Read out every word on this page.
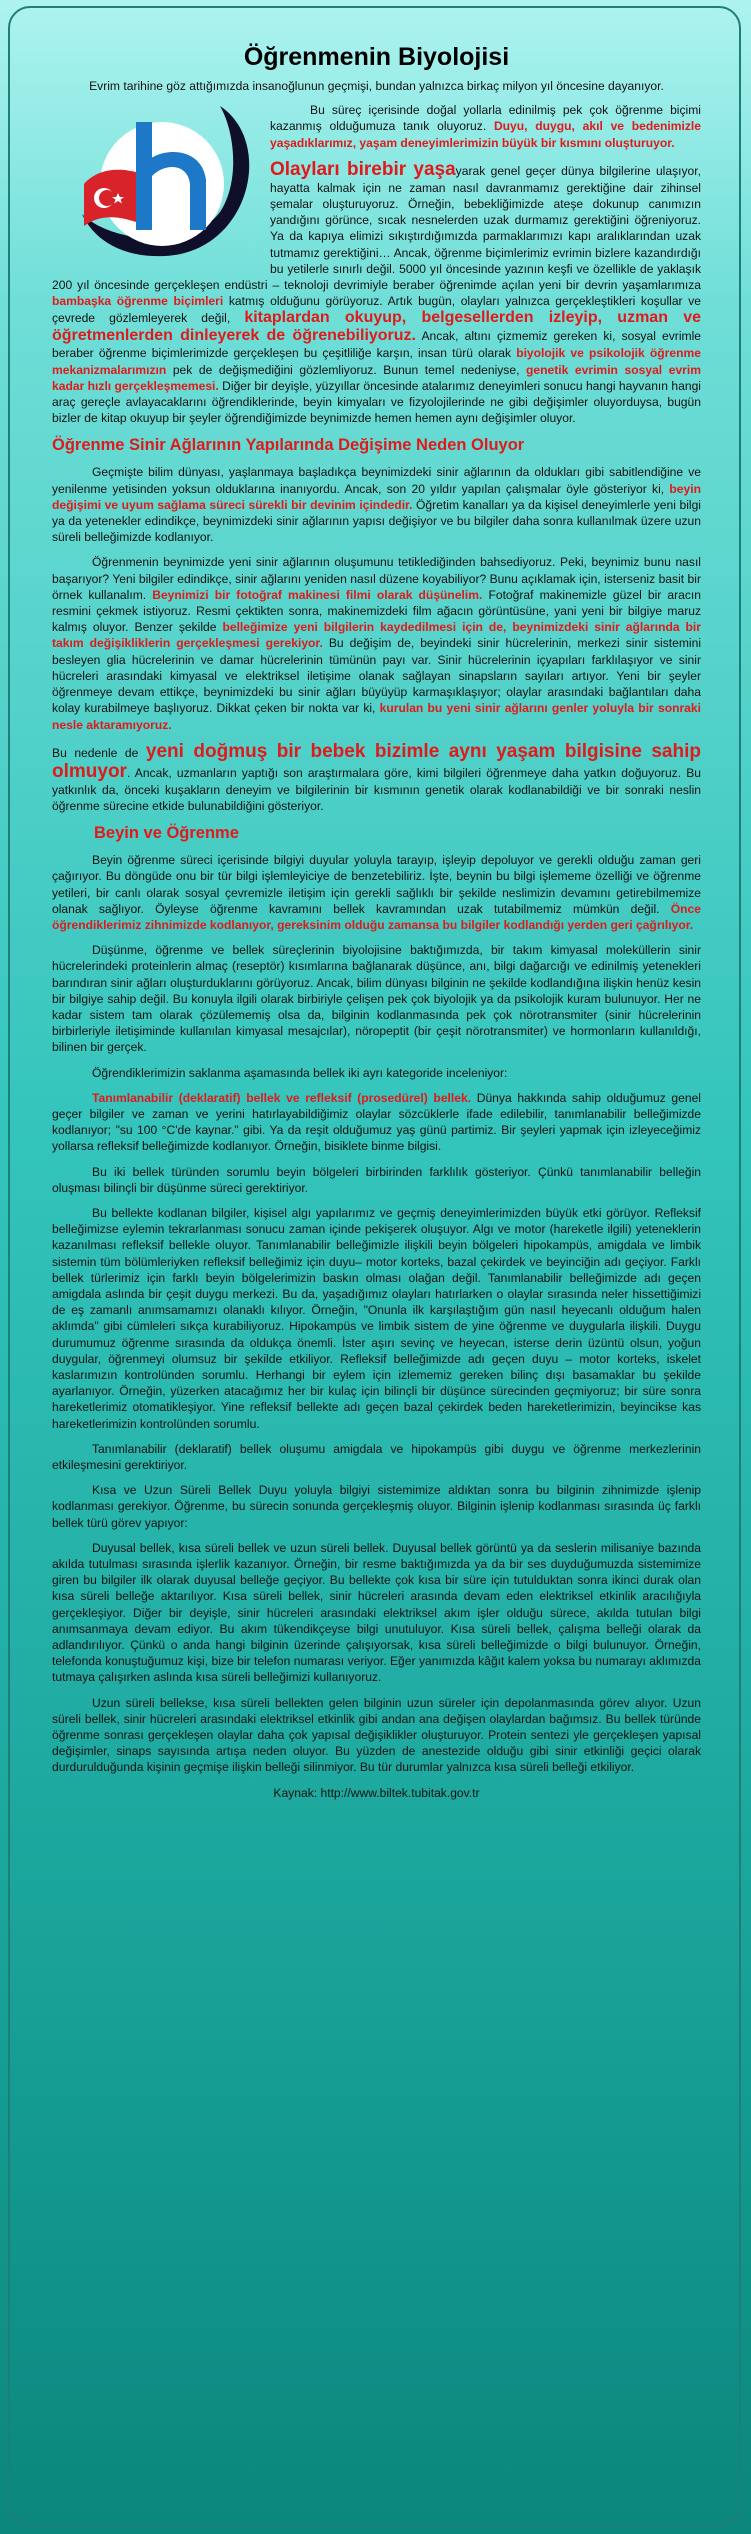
Öğrenmenin Biyolojisi

Evrim tarihine göz attığımızda insanoğlunun geçmişi, bundan yalnızca birkaç milyon yıl öncesine dayanıyor.

h

Bu süreç içerisinde doğal yollarla edinilmiş pek çok öğrenme biçimi kazanmış olduğumuza tanık oluyoruz. Duyu, duygu, akıl ve bedenimizle yaşadıklarımız, yaşam deneyimlerimizin büyük bir kısmını oluşturuyor.

Olayları birebir yaşayarak genel geçer dünya bilgilerine ulaşıyor, hayatta kalmak için ne zaman nasıl davranmamız gerektiğine dair zihinsel şemalar oluşturuyoruz. Örneğin, bebekliğimizde ateşe dokunup canımızın yandığını görünce, sıcak nesnelerden uzak durmamız gerektiğini öğreniyoruz. Ya da kapıya elimizi sıkıştırdığımızda parmaklarımızı kapı aralıklarından uzak tutmamız gerektiğini… Ancak, öğrenme biçimlerimiz evrimin bizlere kazandırdığı bu yetilerle sınırlı değil. 5000 yıl öncesinde yazının keşfi ve özellikle de yaklaşık 200 yıl öncesinde gerçekleşen endüstri – teknoloji devrimiyle beraber öğrenimde açılan yeni bir devrin yaşamlarımıza bambaşka öğrenme biçimleri katmış olduğunu görüyoruz. Artık bugün, olayları yalnızca gerçekleştikleri koşullar ve çevrede gözlemleyerek değil, kitaplardan okuyup, belgesellerden izleyip, uzman ve öğretmenlerden dinleyerek de öğrenebiliyoruz. Ancak, altını çizmemiz gereken ki, sosyal evrimle beraber öğrenme biçimlerimizde gerçekleşen bu çeşitliliğe karşın, insan türü olarak biyolojik ve psikolojik öğrenme mekanizmalarımızın pek de değişmediğini gözlemliyoruz. Bunun temel nedeniyse, genetik evrimin sosyal evrim kadar hızlı gerçekleşmemesi. Diğer bir deyişle, yüzyıllar öncesinde atalarımız deneyimleri sonucu hangi hayvanın hangi araç gereçle avlayacaklarını öğrendiklerinde, beyin kimyaları ve fizyolojilerinde ne gibi değişimler oluyorduysa, bugün bizler de kitap okuyup bir şeyler öğrendiğimizde beynimizde hemen hemen aynı değişimler oluyor.

Öğrenme Sinir Ağlarının Yapılarında Değişime Neden Oluyor

Geçmişte bilim dünyası, yaşlanmaya başladıkça beynimizdeki sinir ağlarının da oldukları gibi sabitlendiğine ve yenilenme yetisinden yoksun olduklarına inanıyordu. Ancak, son 20 yıldır yapılan çalışmalar öyle gösteriyor ki, beyin değişimi ve uyum sağlama süreci sürekli bir devinim içindedir. Öğretim kanalları ya da kişisel deneyimlerle yeni bilgi ya da yetenekler edindikçe, beynimizdeki sinir ağlarının yapısı değişiyor ve bu bilgiler daha sonra kullanılmak üzere uzun süreli belleğimizde kodlanıyor.

Öğrenmenin beynimizde yeni sinir ağlarının oluşumunu tetiklediğinden bahsediyoruz. Peki, beynimiz bunu nasıl başarıyor? Yeni bilgiler edindikçe, sinir ağlarını yeniden nasıl düzene koyabiliyor? Bunu açıklamak için, isterseniz basit bir örnek kullanalım. Beynimizi bir fotoğraf makinesi filmi olarak düşünelim. Fotoğraf makinemizle güzel bir aracın resmini çekmek istiyoruz. Resmi çektikten sonra, makinemizdeki film ağacın görüntüsüne, yani yeni bir bilgiye maruz kalmış oluyor. Benzer şekilde belleğimize yeni bilgilerin kaydedilmesi için de, beynimizdeki sinir ağlarında bir takım değişikliklerin gerçekleşmesi gerekiyor. Bu değişim de, beyindeki sinir hücrelerinin, merkezi sinir sistemini besleyen glia hücrelerinin ve damar hücrelerinin tümünün payı var. Sinir hücrelerinin içyapıları farklılaşıyor ve sinir hücreleri arasındaki kimyasal ve elektriksel iletişime olanak sağlayan sinapsların sayıları artıyor. Yeni bir şeyler öğrenmeye devam ettikçe, beynimizdeki bu sinir ağları büyüyüp karmaşıklaşıyor; olaylar arasındaki bağlantıları daha kolay kurabilmeye başlıyoruz. Dikkat çeken bir nokta var ki, kurulan bu yeni sinir ağlarını genler yoluyla bir sonraki nesle aktaramıyoruz.

Bu nedenle de yeni doğmuş bir bebek bizimle aynı yaşam bilgisine sahip olmuyor. Ancak, uzmanların yaptığı son araştırmalara göre, kimi bilgileri öğrenmeye daha yatkın doğuyoruz. Bu yatkınlık da, önceki kuşakların deneyim ve bilgilerinin bir kısmının genetik olarak kodlanabildiği ve bir sonraki neslin öğrenme sürecine etkide bulunabildiğini gösteriyor.

Beyin ve Öğrenme

Beyin öğrenme süreci içerisinde bilgiyi duyular yoluyla tarayıp, işleyip depoluyor ve gerekli olduğu zaman geri çağırıyor. Bu döngüde onu bir tür bilgi işlemleyiciye de benzetebiliriz. İşte, beynin bu bilgi işlememe özelliği ve öğrenme yetileri, bir canlı olarak sosyal çevremizle iletişim için gerekli sağlıklı bir şekilde neslimizin devamını getirebilmemize olanak sağlıyor. Öyleyse öğrenme kavramını bellek kavramından uzak tutabilmemiz mümkün değil. Önce öğrendiklerimiz zihnimizde kodlanıyor, gereksinim olduğu zamansa bu bilgiler kodlandığı yerden geri çağrılıyor.

Düşünme, öğrenme ve bellek süreçlerinin biyolojisine baktığımızda, bir takım kimyasal moleküllerin sinir hücrelerindeki proteinlerin almaç (reseptör) kısımlarına bağlanarak düşünce, anı, bilgi dağarcığı ve edinilmiş yetenekleri barındıran sinir ağları oluşturduklarını görüyoruz. Ancak, bilim dünyası bilginin ne şekilde kodlandığına ilişkin henüz kesin bir bilgiye sahip değil. Bu konuyla ilgili olarak birbiriyle çelişen pek çok biyolojik ya da psikolojik kuram bulunuyor. Her ne kadar sistem tam olarak çözülememiş olsa da, bilginin kodlanmasında pek çok nörotransmiter (sinir hücrelerinin birbirleriyle iletişiminde kullanılan kimyasal mesajcılar), nöropeptit (bir çeşit nörotransmiter) ve hormonların kullanıldığı, bilinen bir gerçek.

Öğrendiklerimizin saklanma aşamasında bellek iki ayrı kategoride inceleniyor:

Tanımlanabilir (deklaratif) bellek ve refleksif (prosedürel) bellek. Dünya hakkında sahip olduğumuz genel geçer bilgiler ve zaman ve yerini hatırlayabildiğimiz olaylar sözcüklerle ifade edilebilir, tanımlanabilir belleğimizde kodlanıyor; "su 100 °C'de kaynar." gibi. Ya da reşit olduğumuz yaş günü partimiz. Bir şeyleri yapmak için izleyeceğimiz yollarsa refleksif belleğimizde kodlanıyor. Örneğin, bisiklete binme bilgisi.

Bu iki bellek türünden sorumlu beyin bölgeleri birbirinden farklılık gösteriyor. Çünkü tanımlanabilir belleğin oluşması bilinçli bir düşünme süreci gerektiriyor.

Bu bellekte kodlanan bilgiler, kişisel algı yapılarımız ve geçmiş deneyimlerimizden büyük etki görüyor. Refleksif belleğimizse eylemin tekrarlanması sonucu zaman içinde pekişerek oluşuyor. Algı ve motor (hareketle ilgili) yeteneklerin kazanılması refleksif bellekle oluyor. Tanımlanabilir belleğimizle ilişkili beyin bölgeleri hipokampüs, amigdala ve limbik sistemin tüm bölümleriyken refleksif belleğimiz için duyu– motor korteks, bazal çekirdek ve beyinciğin adı geçiyor. Farklı bellek türlerimiz için farklı beyin bölgelerimizin baskın olması olağan değil. Tanımlanabilir belleğimizde adı geçen amigdala aslında bir çeşit duygu merkezi. Bu da, yaşadığımız olayları hatırlarken o olaylar sırasında neler hissettiğimizi de eş zamanlı anımsamamızı olanaklı kılıyor. Örneğin, "Onunla ilk karşılaştığım gün nasıl heyecanlı olduğum halen aklımda" gibi cümleleri sıkça kurabiliyoruz. Hipokampüs ve limbik sistem de yine öğrenme ve duygularla ilişkili. Duygu durumumuz öğrenme sırasında da oldukça önemli. İster aşırı sevinç ve heyecan, isterse derin üzüntü olsun, yoğun duygular, öğrenmeyi olumsuz bir şekilde etkiliyor. Refleksif belleğimizde adı geçen duyu – motor korteks, iskelet kaslarımızın kontrolünden sorumlu. Herhangi bir eylem için izlememiz gereken bilinç dışı basamaklar bu şekilde ayarlanıyor. Örneğin, yüzerken atacağımız her bir kulaç için bilinçli bir düşünce sürecinden geçmiyoruz; bir süre sonra hareketlerimiz otomatikleşiyor. Yine refleksif bellekte adı geçen bazal çekirdek beden hareketlerimizin, beyincikse kas hareketlerimizin kontrolünden sorumlu.

Tanımlanabilir (deklaratif) bellek oluşumu amigdala ve hipokampüs gibi duygu ve öğrenme merkezlerinin etkileşmesini gerektiriyor.

Kısa ve Uzun Süreli Bellek Duyu yoluyla bilgiyi sistemimize aldıktan sonra bu bilginin zihnimizde işlenip kodlanması gerekiyor. Öğrenme, bu sürecin sonunda gerçekleşmiş oluyor. Bilginin işlenip kodlanması sırasında üç farklı bellek türü görev yapıyor:

Duyusal bellek, kısa süreli bellek ve uzun süreli bellek. Duyusal bellek görüntü ya da seslerin milisaniye bazında akılda tutulması sırasında işlerlik kazanıyor. Örneğin, bir resme baktığımızda ya da bir ses duyduğumuzda sistemimize giren bu bilgiler ilk olarak duyusal belleğe geçiyor. Bu bellekte çok kısa bir süre için tutulduktan sonra ikinci durak olan kısa süreli belleğe aktarılıyor. Kısa süreli bellek, sinir hücreleri arasında devam eden elektriksel etkinlik aracılığıyla gerçekleşiyor. Diğer bir deyişle, sinir hücreleri arasındaki elektriksel akım işler olduğu sürece, akılda tutulan bilgi anımsanmaya devam ediyor. Bu akım tükendikçeyse bilgi unutuluyor. Kısa süreli bellek, çalışma belleği olarak da adlandırılıyor. Çünkü o anda hangi bilginin üzerinde çalışıyorsak, kısa süreli belleğimizde o bilgi bulunuyor. Örneğin, telefonda konuştuğumuz kişi, bize bir telefon numarası veriyor. Eğer yanımızda kâğıt kalem yoksa bu numarayı aklımızda tutmaya çalışırken aslında kısa süreli belleğimizi kullanıyoruz.

Uzun süreli bellekse, kısa süreli bellekten gelen bilginin uzun süreler için depolanmasında görev alıyor. Uzun süreli bellek, sinir hücreleri arasındaki elektriksel etkinlik gibi andan ana değişen olaylardan bağımsız. Bu bellek türünde öğrenme sonrası gerçekleşen olaylar daha çok yapısal değişiklikler oluşturuyor. Protein sentezi yle gerçekleşen yapısal değişimler, sinaps sayısında artışa neden oluyor. Bu yüzden de anestezide olduğu gibi sinir etkinliği geçici olarak durdurulduğunda kişinin geçmişe ilişkin belleği silinmiyor. Bu tür durumlar yalnızca kısa süreli belleği etkiliyor.

Kaynak: http://www.biltek.tubitak.gov.tr
